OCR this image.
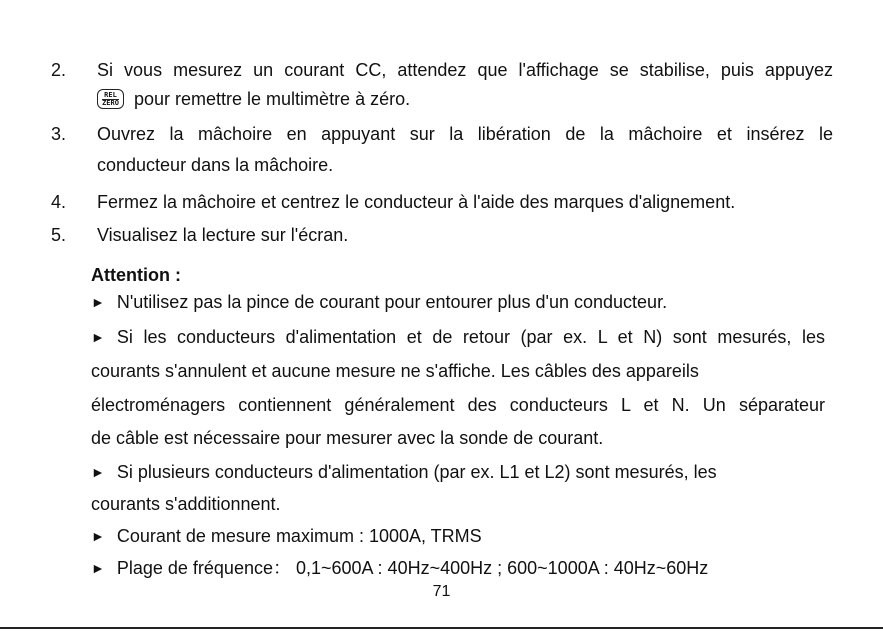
2. Si vous mesurez un courant CC, attendez que l'affichage se stabilise, puis appuyez
REL
ZERO pour remettre le multimètre à zéro.
3. Ouvrez la mâchoire en appuyant sur la libération de la mâchoire et insérez le
conducteur dans la mâchoire.
4. Fermez la mâchoire et centrez le conducteur à l'aide des marques d'alignement.
5. Visualisez la lecture sur l'écran.
Attention :
► N'utilisez pas la pince de courant pour entourer plus d'un conducteur.
► Si les conducteurs d'alimentation et de retour (par ex. L et N) sont mesurés, les
courants s'annulent et aucune mesure ne s'affiche. Les câbles des appareils
électroménagers contiennent généralement des conducteurs L et N. Un séparateur
de câble est nécessaire pour mesurer avec la sonde de courant.
► Si plusieurs conducteurs d'alimentation (par ex. L1 et L2) sont mesurés, les
courants s'additionnent.
► Courant de mesure maximum : 1000A, TRMS
► Plage de fréquence： 0,1~600A : 40Hz~400Hz ; 600~1000A : 40Hz~60Hz
71
